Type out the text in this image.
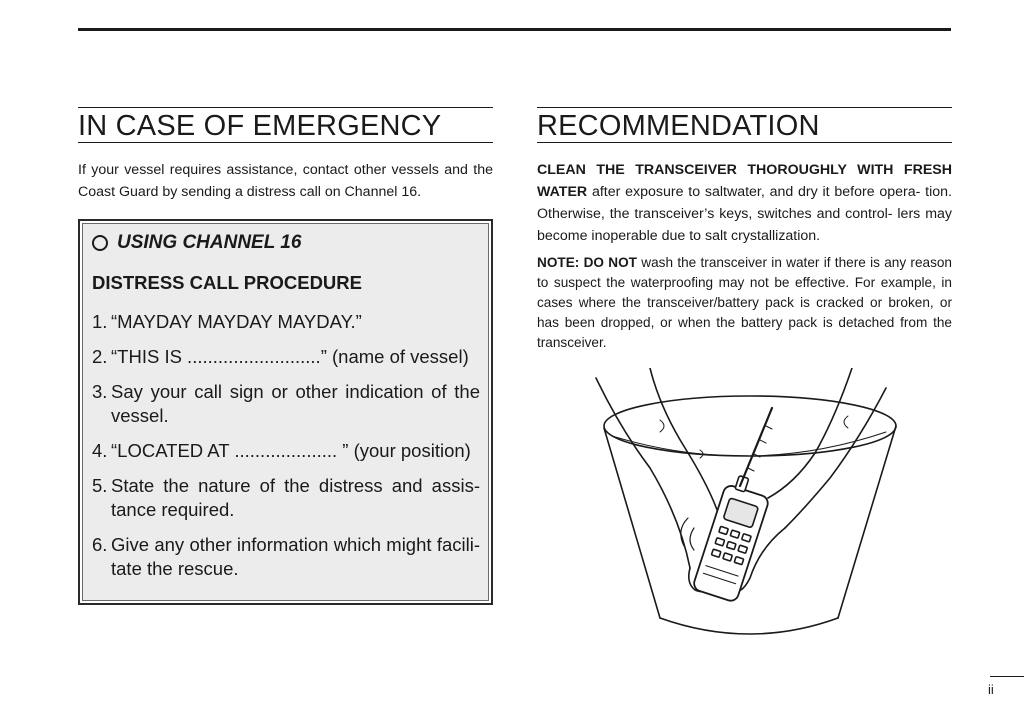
IN CASE OF EMERGENCY

If your vessel requires assistance, contact other vessels and the Coast Guard by sending a distress call on Channel 16.

USING CHANNEL 16
DISTRESS CALL PROCEDURE
1. “MAYDAY MAYDAY MAYDAY.”
2. “THIS IS ..........................” (name of vessel)
3. Say your call sign or other indication of the vessel.
4. “LOCATED AT .................... ” (your position)
5. State the nature of the distress and assis- tance required.
6. Give any other information which might facili- tate the rescue.
RECOMMENDATION

CLEAN THE TRANSCEIVER THOROUGHLY WITH FRESH WATER after exposure to saltwater, and dry it before opera- tion. Otherwise, the transceiver’s keys, switches and control- lers may become inoperable due to salt crystallization.

NOTE: DO NOT wash the transceiver in water if there is any reason to suspect the waterproofing may not be effective. For example, in cases where the transceiver/battery pack is cracked or broken, or has been dropped, or when the battery pack is detached from the transceiver.

ii
